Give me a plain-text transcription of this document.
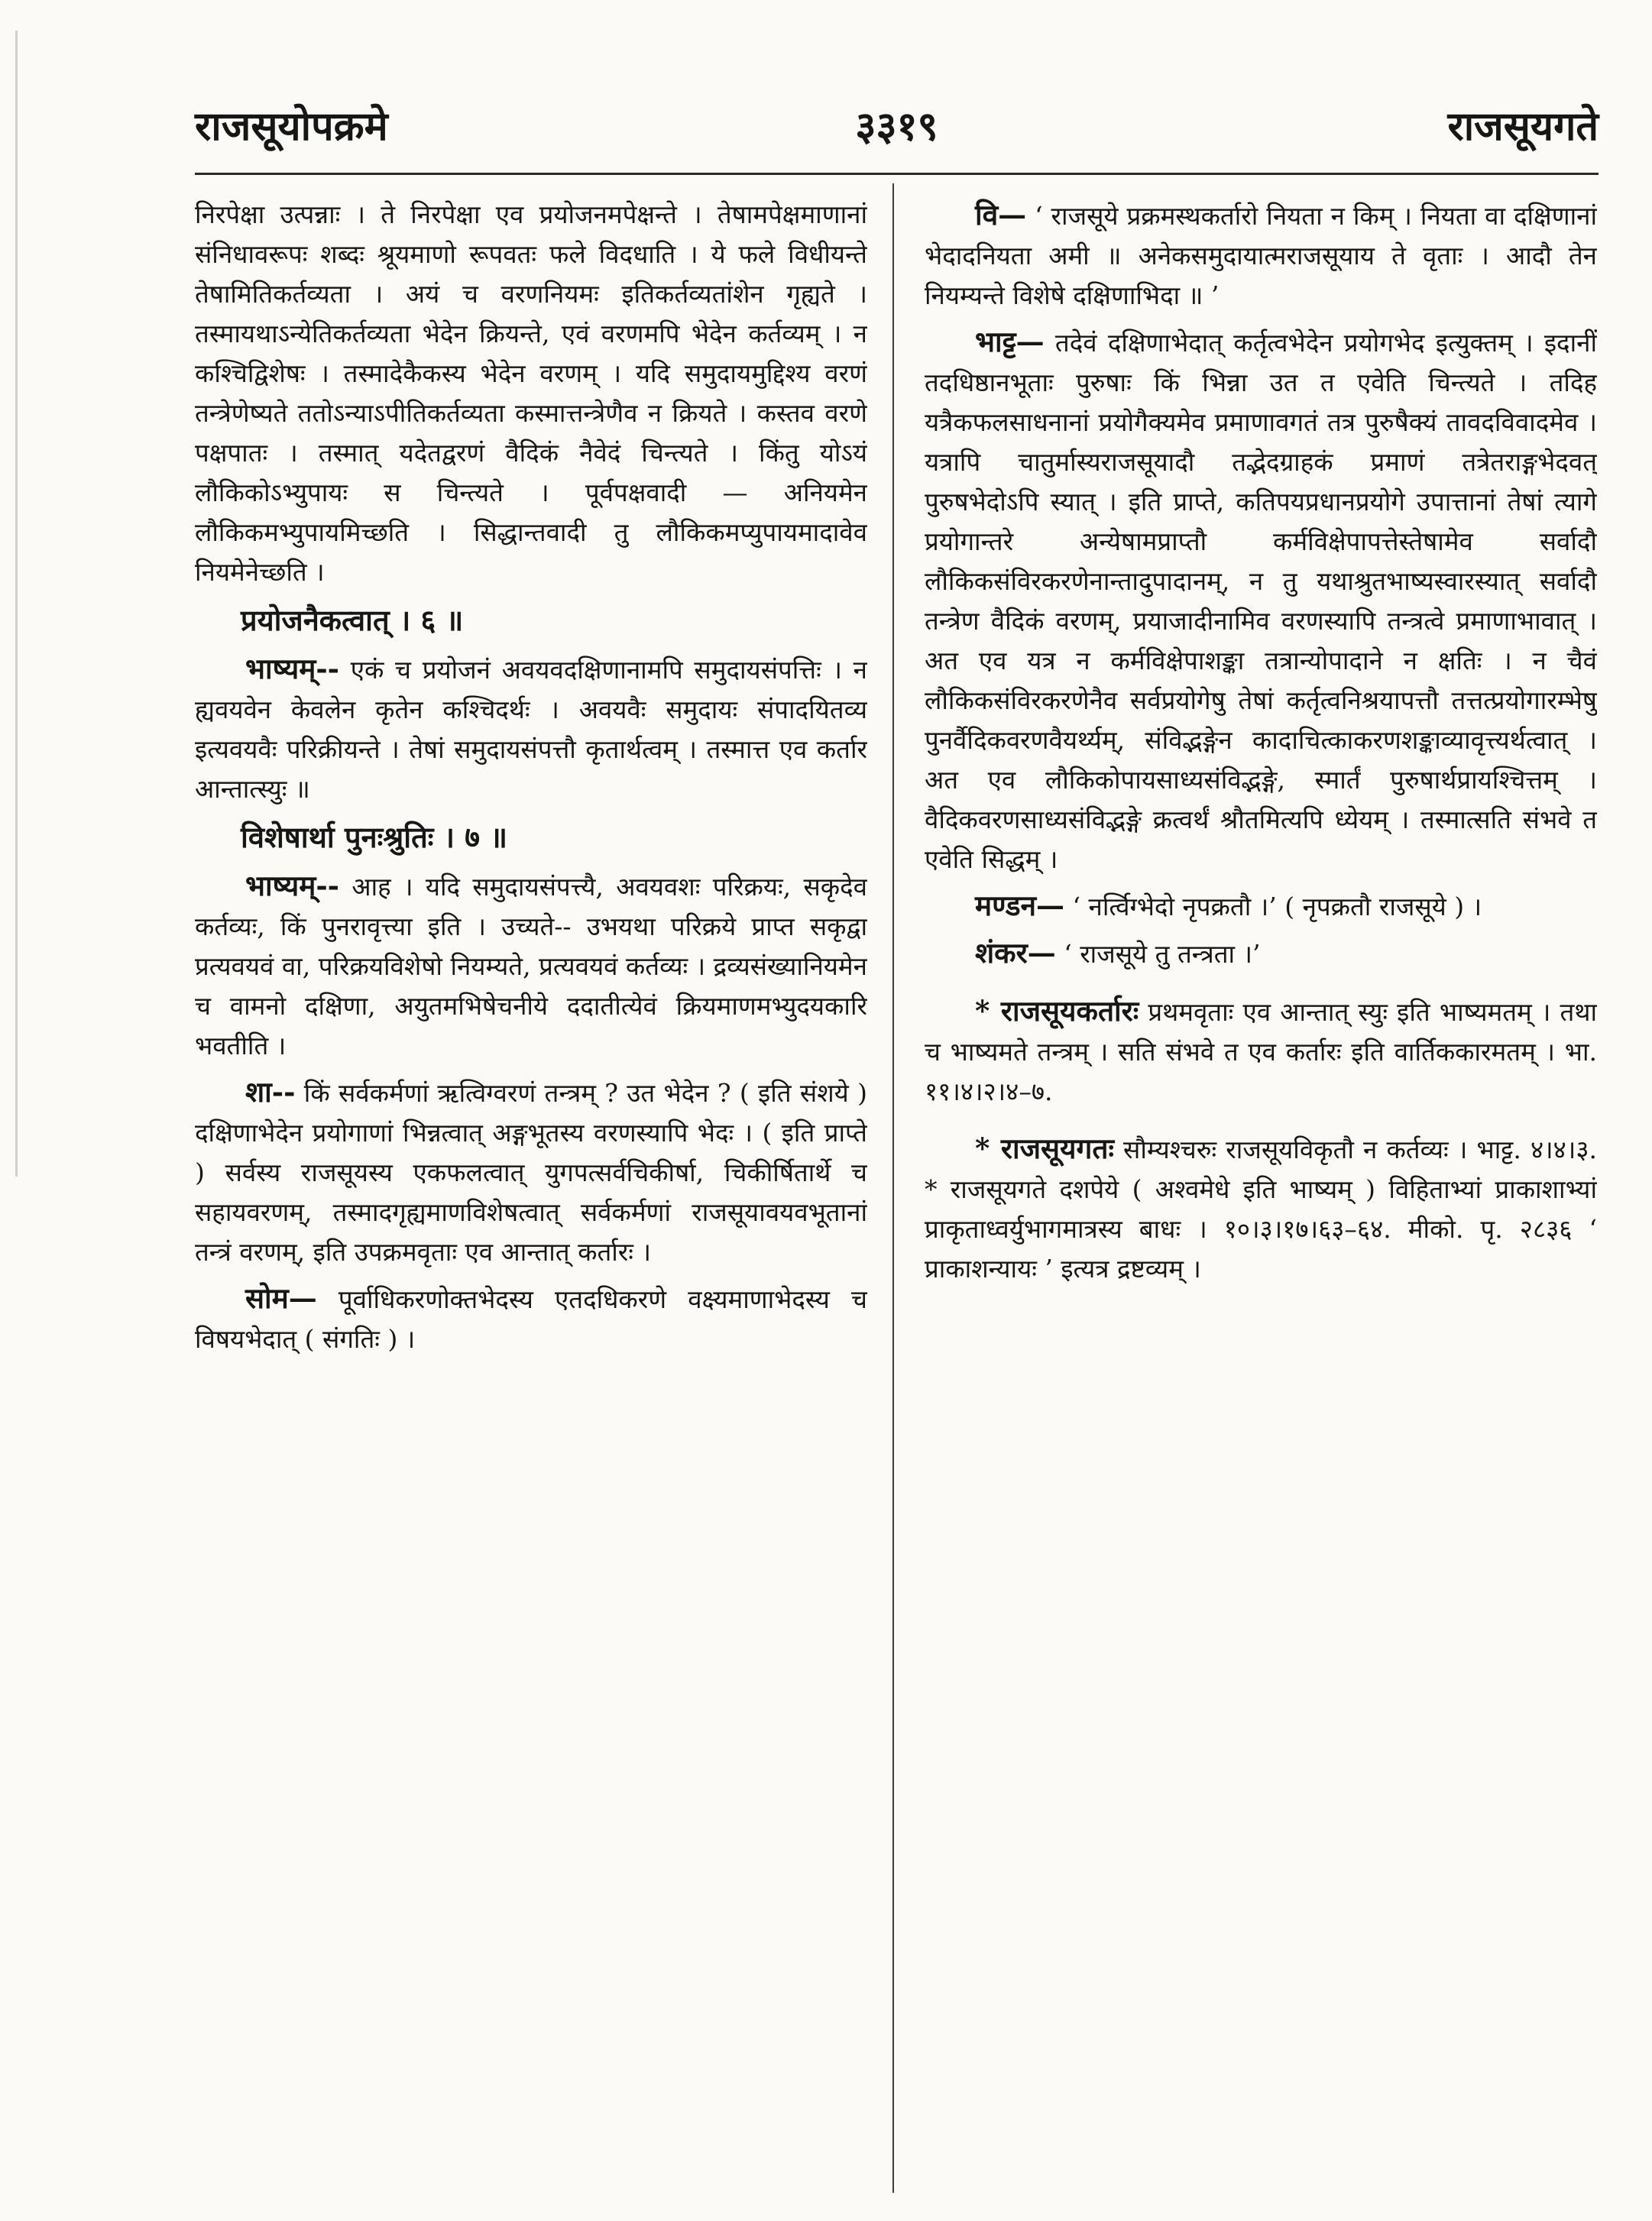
राजसूयोपक्रमे	३३१९	राजसूयगते

निरपेक्षा उत्पन्नाः । ते निरपेक्षा एव प्रयोजनमपेक्षन्ते । तेषामपेक्षमाणानां संनिधावरूपः शब्दः श्रूयमाणो रूपवतः फले विदधाति । ये फले विधीयन्ते तेषामितिकर्तव्यता । अयं च वरणनियमः इतिकर्तव्यतांशेन गृह्यते । तस्मायथाऽन्येतिकर्तव्यता भेदेन क्रियन्ते, एवं वरणमपि भेदेन कर्तव्यम् । न कश्चिद्विशेषः । तस्मादेकैकस्य भेदेन वरणम् । यदि समुदायमुद्दिश्य वरणं तन्त्रेणेष्यते ततोऽन्याऽपीतिकर्तव्यता कस्मात्तन्त्रेणैव न क्रियते । कस्तव वरणे पक्षपातः । तस्मात् यदेतद्वरणं वैदिकं नैवेदं चिन्त्यते । किंतु योऽयं लौकिकोऽभ्युपायः स चिन्त्यते । पूर्वपक्षवादी — अनियमेन लौकिकमभ्युपायमिच्छति । सिद्धान्तवादी तु लौकिकमप्युपायमादावेव नियमेनेच्छति ।

प्रयोजनैकत्वात् । ६ ॥

भाष्यम्-- एकं च प्रयोजनं अवयवदक्षिणानामपि समुदायसंपत्तिः । न ह्यवयवेन केवलेन कृतेन कश्चिदर्थः । अवयवैः समुदायः संपादयितव्य इत्यवयवैः परिक्रीयन्ते । तेषां समुदायसंपत्तौ कृतार्थत्वम् । तस्मात्त एव कर्तार आन्तात्स्युः ॥

विशेषार्था पुनःश्रुतिः । ७ ॥

भाष्यम्-- आह । यदि समुदायसंपत्त्यै, अवयवशः परिक्रयः, सकृदेव कर्तव्यः, किं पुनरावृत्त्या इति । उच्यते-- उभयथा परिक्रये प्राप्त सकृद्वा प्रत्यवयवं वा, परिक्रयविशेषो नियम्यते, प्रत्यवयवं कर्तव्यः । द्रव्यसंख्यानियमेन च वामनो दक्षिणा, अयुतमभिषेचनीये ददातीत्येवं क्रियमाणमभ्युदयकारि भवतीति ।

शा-- किं सर्वकर्मणां ऋत्विग्वरणं तन्त्रम् ? उत भेदेन ? ( इति संशये ) दक्षिणाभेदेन प्रयोगाणां भिन्नत्वात् अङ्गभूतस्य वरणस्यापि भेदः । ( इति प्राप्ते ) सर्वस्य राजसूयस्य एकफलत्वात् युगपत्सर्वचिकीर्षा, चिकीर्षितार्थे च सहायवरणम्, तस्मादगृह्यमाणविशेषत्वात् सर्वकर्मणां राजसूयावयवभूतानां तन्त्रं वरणम्, इति उपक्रमवृताः एव आन्तात् कर्तारः ।

सोम— पूर्वाधिकरणोक्तभेदस्य एतदधिकरणे वक्ष्यमाणाभेदस्य च विषयभेदात् ( संगतिः ) ।

वि— ‘ राजसूये प्रक्रमस्थकर्तारो नियता न किम् । नियता वा दक्षिणानां भेदादनियता अमी ॥ अनेकसमुदायात्मराजसूयाय ते वृताः । आदौ तेन नियम्यन्ते विशेषे दक्षिणाभिदा ॥ ’

भाट्ट— तदेवं दक्षिणाभेदात् कर्तृत्वभेदेन प्रयोगभेद इत्युक्तम् । इदानीं तदधिष्ठानभूताः पुरुषाः किं भिन्ना उत त एवेति चिन्त्यते । तदिह यत्रैकफलसाधनानां प्रयोगैक्यमेव प्रमाणावगतं तत्र पुरुषैक्यं तावदविवादमेव । यत्रापि चातुर्मास्यराजसूयादौ तद्भेदग्राहकं प्रमाणं तत्रेतराङ्गभेदवत् पुरुषभेदोऽपि स्यात् । इति प्राप्ते, कतिपयप्रधानप्रयोगे उपात्तानां तेषां त्यागे प्रयोगान्तरे अन्येषामप्राप्तौ कर्मविक्षेपापत्तेस्तेषामेव सर्वादौ लौकिकसंविरकरणेनान्तादुपादानम्, न तु यथाश्रुतभाष्यस्वारस्यात् सर्वादौ तन्त्रेण वैदिकं वरणम्, प्रयाजादीनामिव वरणस्यापि तन्त्रत्वे प्रमाणाभावात् । अत एव यत्र न कर्मविक्षेपाशङ्का तत्रान्योपादाने न क्षतिः । न चैवं लौकिकसंविरकरणेनैव सर्वप्रयोगेषु तेषां कर्तृत्वनिश्रयापत्तौ तत्तत्प्रयोगारम्भेषु पुनर्वैदिकवरणवैयर्थ्यम्, संविद्भङ्गेन कादाचित्काकरणशङ्काव्यावृत्त्यर्थत्वात् । अत एव लौकिकोपायसाध्यसंविद्भङ्गे, स्मार्तं पुरुषार्थप्रायश्चित्तम् । वैदिकवरणसाध्यसंविद्भङ्गे क्रत्वर्थं श्रौतमित्यपि ध्येयम् । तस्मात्सति संभवे त एवेति सिद्धम् ।

मण्डन— ‘ नर्त्विग्भेदो नृपक्रतौ ।’ ( नृपक्रतौ राजसूये ) ।

शंकर— ‘ राजसूये तु तन्त्रता ।’

* राजसूयकर्तारः प्रथमवृताः एव आन्तात् स्युः इति भाष्यमतम् । तथा च भाष्यमते तन्त्रम् । सति संभवे त एव कर्तारः इति वार्तिककारमतम् । भा. ११।४।२।४–७.

* राजसूयगतः सौम्यश्चरुः राजसूयविकृतौ न कर्तव्यः । भाट्ट. ४।४।३. * राजसूयगते दशपेये ( अश्वमेधे इति भाष्यम् ) विहिताभ्यां प्राकाशाभ्यां प्राकृताध्वर्युभागमात्रस्य बाधः । १०।३।१७।६३–६४. मीको. पृ. २८३६ ‘ प्राकाशन्यायः ’ इत्यत्र द्रष्टव्यम् ।
